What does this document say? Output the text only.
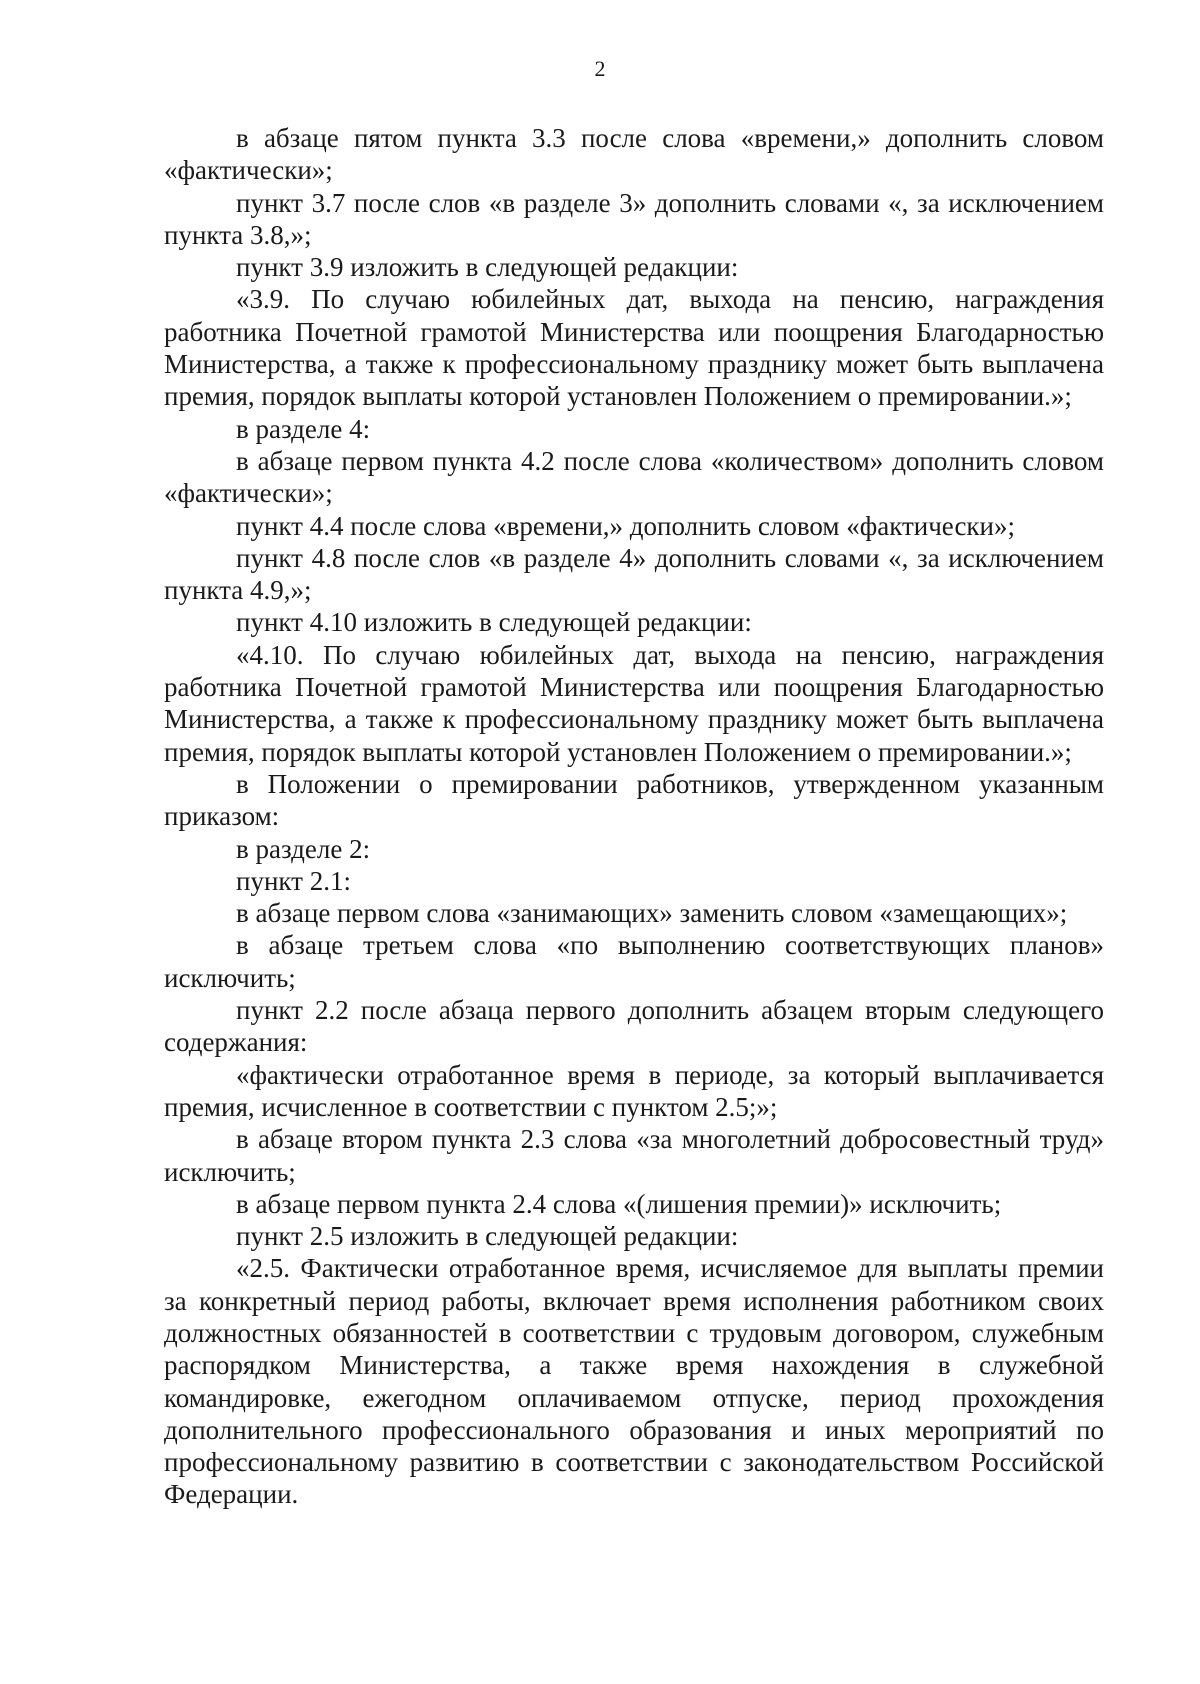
2

в абзаце пятом пункта 3.3 после слова «времени,» дополнить словом «фактически»;

пункт 3.7 после слов «в разделе 3» дополнить словами «, за исключением пункта 3.8,»;

пункт 3.9 изложить в следующей редакции:

«3.9. По случаю юбилейных дат, выхода на пенсию, награждения работника Почетной грамотой Министерства или поощрения Благодарностью Министерства, а также к профессиональному празднику может быть выплачена премия, порядок выплаты которой установлен Положением о премировании.»;

в разделе 4:

в абзаце первом пункта 4.2 после слова «количеством» дополнить словом «фактически»;

пункт 4.4 после слова «времени,» дополнить словом «фактически»;

пункт 4.8 после слов «в разделе 4» дополнить словами «, за исключением пункта 4.9,»;

пункт 4.10 изложить в следующей редакции:

«4.10. По случаю юбилейных дат, выхода на пенсию, награждения работника Почетной грамотой Министерства или поощрения Благодарностью Министерства, а также к профессиональному празднику может быть выплачена премия, порядок выплаты которой установлен Положением о премировании.»;

в Положении о премировании работников, утвержденном указанным приказом:

в разделе 2:

пункт 2.1:

в абзаце первом слова «занимающих» заменить словом «замещающих»;

в абзаце третьем слова «по выполнению соответствующих планов» исключить;

пункт 2.2 после абзаца первого дополнить абзацем вторым следующего содержания:

«фактически отработанное время в периоде, за который выплачивается премия, исчисленное в соответствии с пунктом 2.5;»;

в абзаце втором пункта 2.3 слова «за многолетний добросовестный труд» исключить;

в абзаце первом пункта 2.4 слова «(лишения премии)» исключить;

пункт 2.5 изложить в следующей редакции:

«2.5. Фактически отработанное время, исчисляемое для выплаты премии за конкретный период работы, включает время исполнения работником своих должностных обязанностей в соответствии с трудовым договором, служебным распорядком Министерства, а также время нахождения в служебной командировке, ежегодном оплачиваемом отпуске, период прохождения дополнительного профессионального образования и иных мероприятий по профессиональному развитию в соответствии с законодательством Российской Федерации.
